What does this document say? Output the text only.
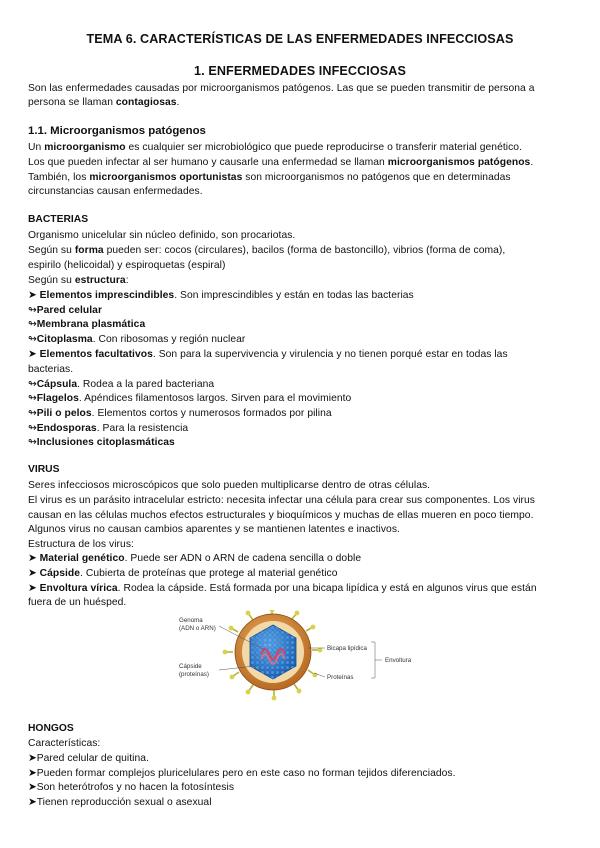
TEMA 6. CARACTERÍSTICAS DE LAS ENFERMEDADES INFECCIOSAS
1. ENFERMEDADES INFECCIOSAS
Son las enfermedades causadas por microorganismos patógenos. Las que se pueden transmitir de persona a
persona se llaman contagiosas.
1.1. Microorganismos patógenos
Un microorganismo es cualquier ser microbiológico que puede reproducirse o transferir material genético.
Los que pueden infectar al ser humano y causarle una enfermedad se llaman microorganismos patógenos.
También, los microorganismos oportunistas son microorganismos no patógenos que en determinadas
circunstancias causan enfermedades.
BACTERIAS
Organismo unicelular sin núcleo definido, son procariotas.
Según su forma pueden ser: cocos (circulares), bacilos (forma de bastoncillo), vibrios (forma de coma),
espirilo (helicoidal) y espiroquetas (espiral)
Según su estructura:
➤ Elementos imprescindibles. Son imprescindibles y están en todas las bacterias
↬Pared celular
↬Membrana plasmática
↬Citoplasma. Con ribosomas y región nuclear
➤ Elementos facultativos. Son para la supervivencia y virulencia y no tienen porqué estar en todas las
bacterias.
↬Cápsula. Rodea a la pared bacteriana
↬Flagelos. Apéndices filamentosos largos. Sirven para el movimiento
↬Pili o pelos. Elementos cortos y numerosos formados por pilina
↬Endosporas. Para la resistencia
↬Inclusiones citoplasmáticas
VIRUS
Seres infecciosos microscópicos que solo pueden multiplicarse dentro de otras células.
El virus es un parásito intracelular estricto: necesita infectar una célula para crear sus componentes. Los virus
causan en las células muchos efectos estructurales y bioquímicos y muchas de ellas mueren en poco tiempo.
Algunos virus no causan cambios aparentes y se mantienen latentes e inactivos.
Estructura de los virus:
➤ Material genético. Puede ser ADN o ARN de cadena sencilla o doble
➤ Cápside. Cubierta de proteínas que protege al material genético
➤ Envoltura vírica. Rodea la cápside. Está formada por una bicapa lipídica y está en algunos virus que están
fuera de un huésped.
Genoma
(ADN o ARN)
Cápside
(proteínas)
Bicapa lipídica
Proteínas
Envoltura
HONGOS
Características:
➤Pared celular de quitina.
➤Pueden formar complejos pluricelulares pero en este caso no forman tejidos diferenciados.
➤Son heterótrofos y no hacen la fotosíntesis
➤Tienen reproducción sexual o asexual
